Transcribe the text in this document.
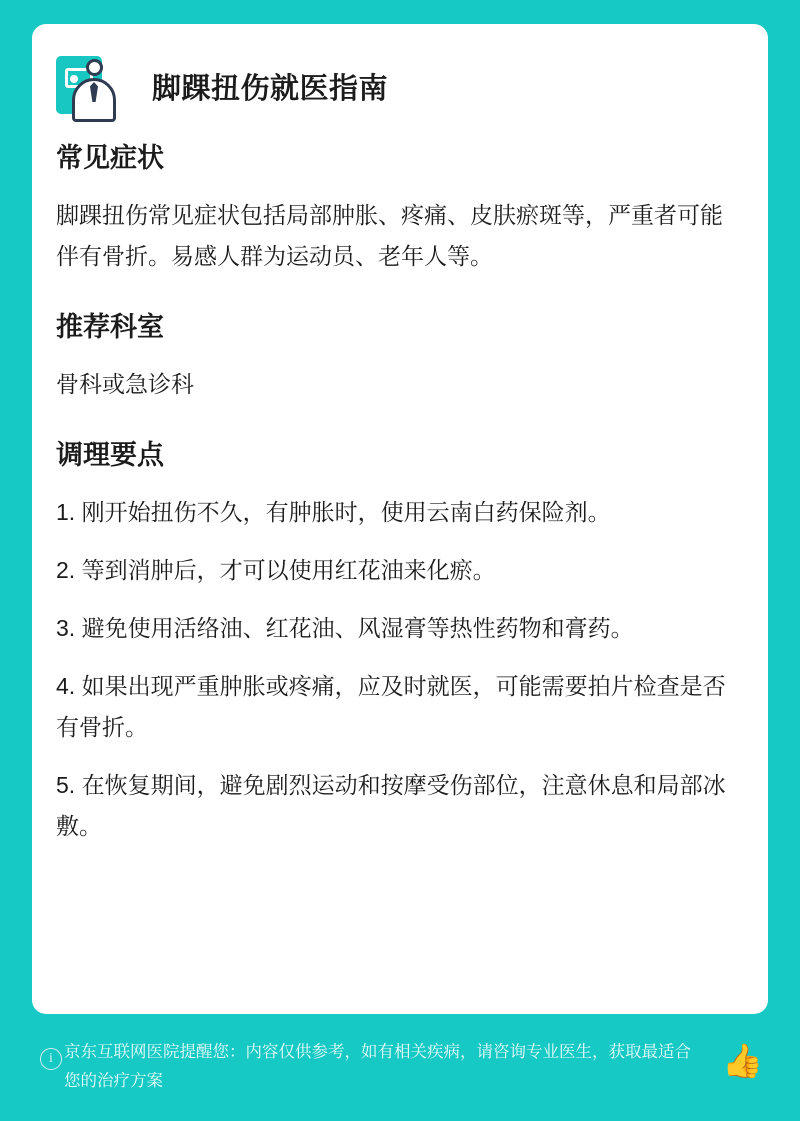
脚踝扭伤就医指南
常见症状

脚踝扭伤常见症状包括局部肿胀、疼痛、皮肤瘀斑等，严重者可能伴有骨折。易感人群为运动员、老年人等。

推荐科室

骨科或急诊科

调理要点
1. 刚开始扭伤不久，有肿胀时，使用云南白药保险剂。
2. 等到消肿后，才可以使用红花油来化瘀。
3. 避免使用活络油、红花油、风湿膏等热性药物和膏药。
4. 如果出现严重肿胀或疼痛，应及时就医，可能需要拍片检查是否有骨折。
5. 在恢复期间，避免剧烈运动和按摩受伤部位，注意休息和局部冰敷。
i 京东互联网医院提醒您：内容仅供参考，如有相关疾病，请咨询专业医生，获取最适合您的治疗方案
👍
